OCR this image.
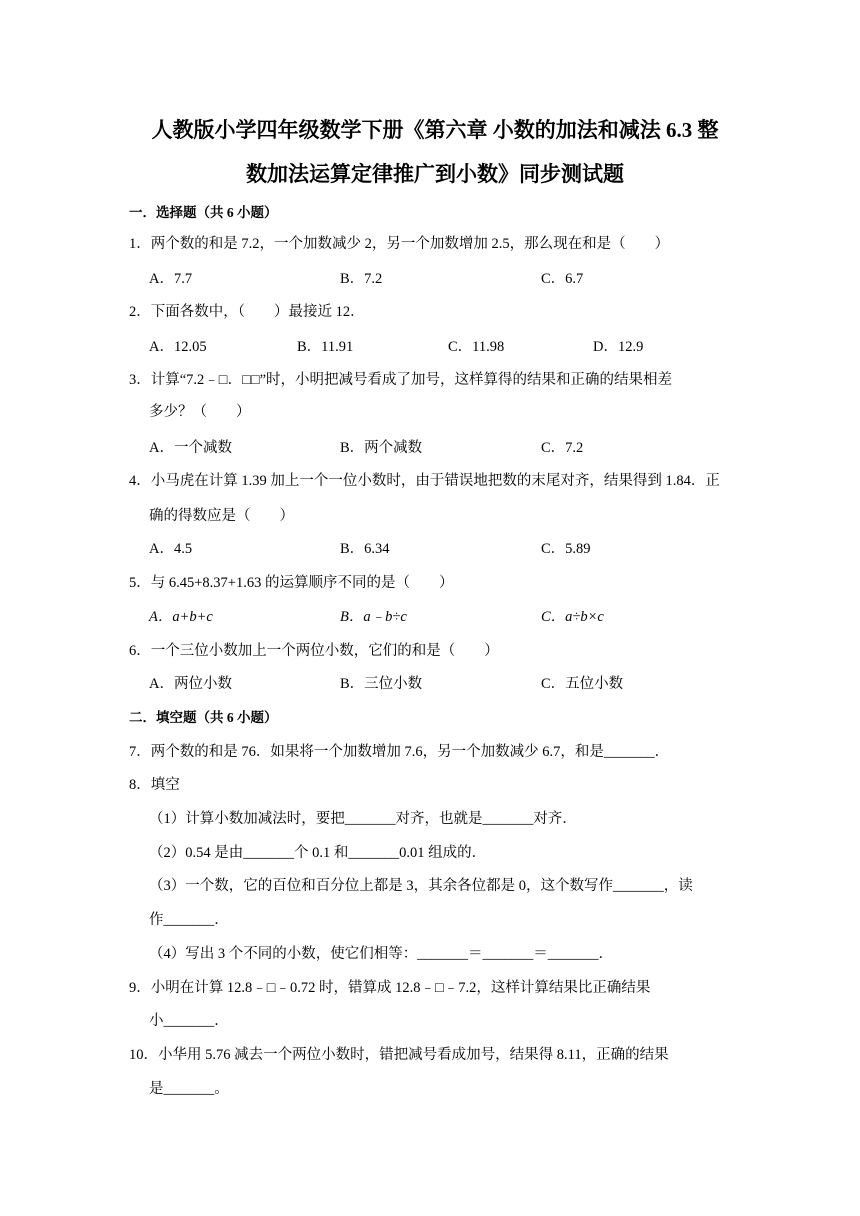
人教版小学四年级数学下册《第六章 小数的加法和减法 6.3 整
数加法运算定律推广到小数》同步测试题
一．选择题（共 6 小题）
1．两个数的和是 7.2，一个加数减少 2，另一个加数增加 2.5，那么现在和是（　　）
A．7.7	B．7.2	C．6.7
2．下面各数中，（　　）最接近 12．
A．12.05	B．11.91	C．11.98	D．12.9
3．计算“7.2﹣□．□□”时，小明把减号看成了加号，这样算得的结果和正确的结果相差
多少？（　　）
A．一个减数	B．两个减数	C．7.2
4．小马虎在计算 1.39 加上一个一位小数时，由于错误地把数的末尾对齐，结果得到 1.84．正
确的得数应是（　　）
A．4.5	B．6.34	C．5.89
5．与 6.45+8.37+1.63 的运算顺序不同的是（　　）
A．a+b+c	B．a﹣b÷c	C．a÷b×c
6．一个三位小数加上一个两位小数，它们的和是（　　）
A．两位小数	B．三位小数	C．五位小数
二．填空题（共 6 小题）
7．两个数的和是 76．如果将一个加数增加 7.6，另一个加数减少 6.7，和是_______．
8．填空
（1）计算小数加减法时，要把_______对齐，也就是_______对齐．
（2）0.54 是由_______个 0.1 和_______0.01 组成的．
（3）一个数，它的百位和百分位上都是 3，其余各位都是 0，这个数写作_______，读
作_______．
（4）写出 3 个不同的小数，使它们相等：_______＝_______＝_______．
9．小明在计算 12.8﹣□﹣0.72 时，错算成 12.8﹣□﹣7.2，这样计算结果比正确结果
小_______．
10．小华用 5.76 减去一个两位小数时，错把减号看成加号，结果得 8.11，正确的结果
是_______。
